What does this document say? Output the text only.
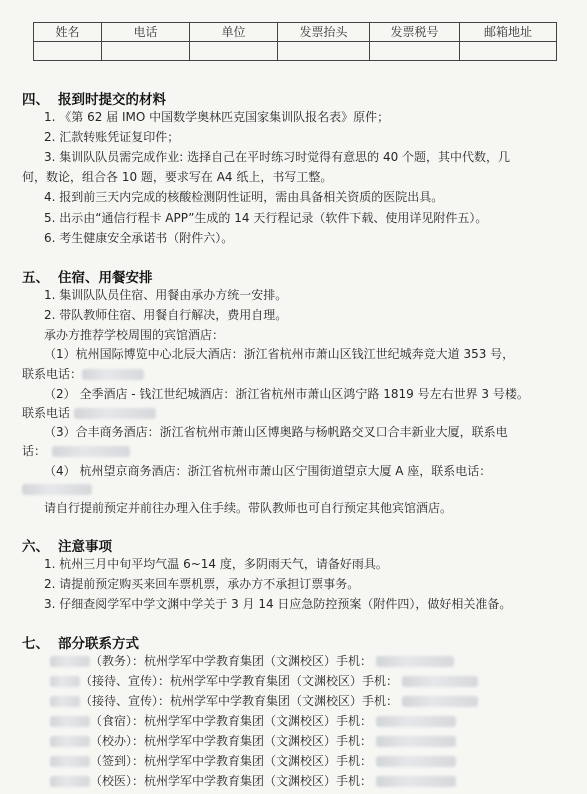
姓名	电话	单位	发票抬头	发票税号	邮箱地址

四、 报到时提交的材料
1. 《第 62 届 IMO 中国数学奥林匹克国家集训队报名表》原件；
2. 汇款转账凭证复印件；
3. 集训队队员需完成作业: 选择自己在平时练习时觉得有意思的 40 个题，其中代数，几
何，数论，组合各 10 题，要求写在 A4 纸上，书写工整。
4. 报到前三天内完成的核酸检测阴性证明，需由具备相关资质的医院出具。
5. 出示由“通信行程卡 APP”生成的 14 天行程记录（软件下载、使用详见附件五）。
6. 考生健康安全承诺书（附件六）。
五、 住宿、用餐安排
1. 集训队队员住宿、用餐由承办方统一安排。
2. 带队教师住宿、用餐自行解决，费用自理。
承办方推荐学校周围的宾馆酒店：
（1）杭州国际博览中心北辰大酒店：浙江省杭州市萧山区钱江世纪城奔竞大道 353 号，
联系电话：
（2） 全季酒店 - 钱江世纪城酒店：浙江省杭州市萧山区鸿宁路 1819 号左右世界 3 号楼。
联系电话
（3）合丰商务酒店：浙江省杭州市萧山区博奥路与杨帆路交叉口合丰新业大厦，联系电
话：
（4） 杭州望京商务酒店：浙江省杭州市萧山区宁围街道望京大厦 A 座，联系电话：
请自行提前预定并前往办理入住手续。带队教师也可自行预定其他宾馆酒店。
六、 注意事项
1. 杭州三月中旬平均气温 6~14 度，多阴雨天气，请备好雨具。
2. 请提前预定购买来回车票机票，承办方不承担订票事务。
3. 仔细查阅学军中学文渊中学关于 3 月 14 日应急防控预案（附件四），做好相关准备。
七、 部分联系方式
（教务）：杭州学军中学教育集团（文渊校区）手机：
（接待、宣传）：杭州学军中学教育集团（文渊校区）手机：
（接待、宣传）：杭州学军中学教育集团（文渊校区）手机：
（食宿）：杭州学军中学教育集团（文渊校区）手机：
（校办）：杭州学军中学教育集团（文渊校区）手机：
（签到）：杭州学军中学教育集团（文渊校区）手机：
（校医）：杭州学军中学教育集团（文渊校区）手机：
